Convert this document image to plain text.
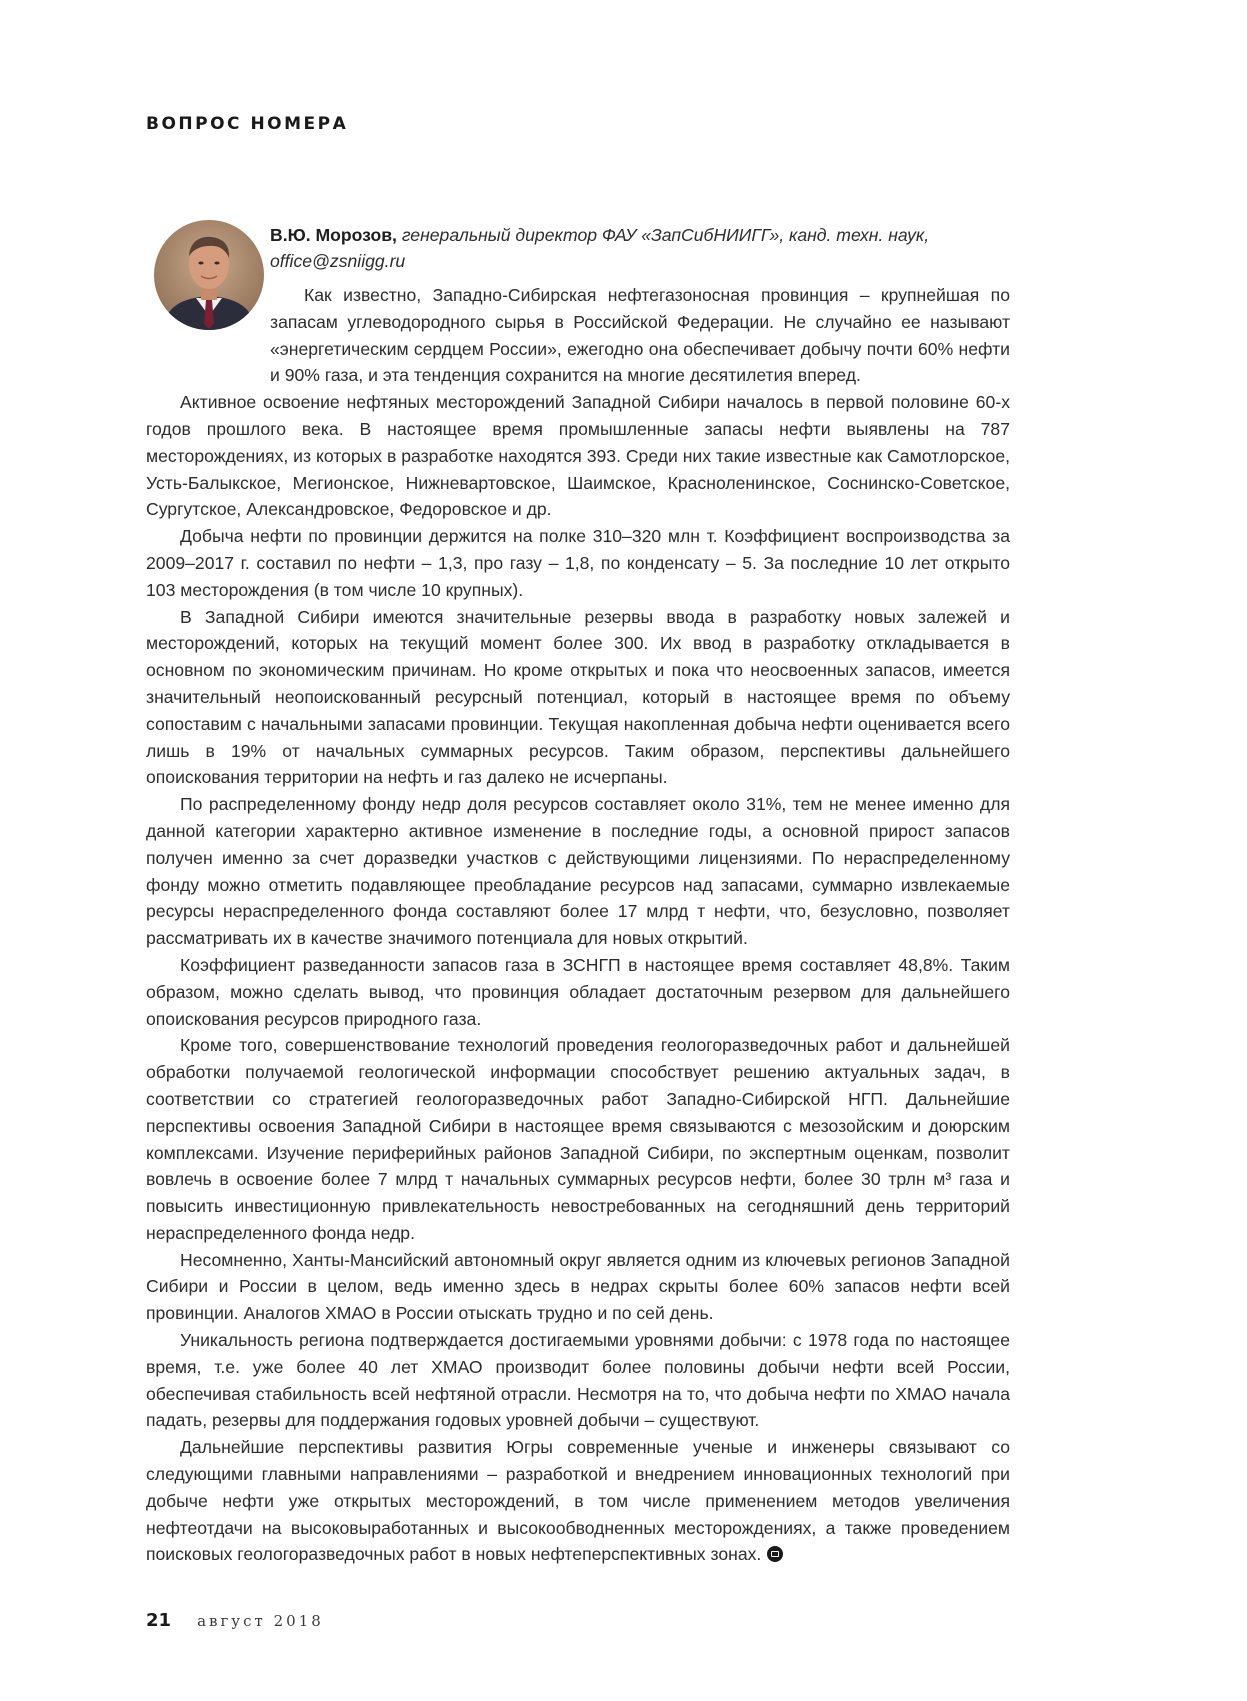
ВОПРОС НОМЕРА

В.Ю. Морозов, генеральный директор ФАУ «ЗапСибНИИГГ», канд. техн. наук, office@zsniigg.ru

Как известно, Западно-Сибирская нефтегазоносная провинция – крупнейшая по запасам углеводородного сырья в Российской Федерации. Не случайно ее называют «энергетическим сердцем России», ежегодно она обеспечивает добычу почти 60% нефти и 90% газа, и эта тенденция сохранится на многие десятилетия вперед.

Активное освоение нефтяных месторождений Западной Сибири началось в первой половине 60-х годов прошлого века. В настоящее время промышленные запасы нефти выявлены на 787 месторождениях, из которых в разработке находятся 393. Среди них такие известные как Самотлорское, Усть-Балыкское, Мегионское, Нижневартовское, Шаимское, Красноленинское, Соснинско-Советское, Сургутское, Александровское, Федоровское и др.

Добыча нефти по провинции держится на полке 310–320 млн т. Коэффициент воспроизводства за 2009–2017 г. составил по нефти – 1,3, про газу – 1,8, по конденсату – 5. За последние 10 лет открыто 103 месторождения (в том числе 10 крупных).

В Западной Сибири имеются значительные резервы ввода в разработку новых залежей и месторождений, которых на текущий момент более 300. Их ввод в разработку откладывается в основном по экономическим причинам. Но кроме открытых и пока что неосвоенных запасов, имеется значительный неопоискованный ресурсный потенциал, который в настоящее время по объему сопоставим с начальными запасами провинции. Текущая накопленная добыча нефти оценивается всего лишь в 19% от начальных суммарных ресурсов. Таким образом, перспективы дальнейшего опоискования территории на нефть и газ далеко не исчерпаны.

По распределенному фонду недр доля ресурсов составляет около 31%, тем не менее именно для данной категории характерно активное изменение в последние годы, а основной прирост запасов получен именно за счет доразведки участков с действующими лицензиями. По нераспределенному фонду можно отметить подавляющее преобладание ресурсов над запасами, суммарно извлекаемые ресурсы нераспределенного фонда составляют более 17 млрд т нефти, что, безусловно, позволяет рассматривать их в качестве значимого потенциала для новых открытий.

Коэффициент разведанности запасов газа в ЗСНГП в настоящее время составляет 48,8%. Таким образом, можно сделать вывод, что провинция обладает достаточным резервом для дальнейшего опоискования ресурсов природного газа.

Кроме того, совершенствование технологий проведения геологоразведочных работ и дальнейшей обработки получаемой геологической информации способствует решению актуальных задач, в соответствии со стратегией геологоразведочных работ Западно-Сибирской НГП. Дальнейшие перспективы освоения Западной Сибири в настоящее время связываются с мезозойским и доюрским комплексами. Изучение периферийных районов Западной Сибири, по экспертным оценкам, позволит вовлечь в освоение более 7 млрд т начальных суммарных ресурсов нефти, более 30 трлн м³ газа и повысить инвестиционную привлекательность невостребованных на сегодняшний день территорий нераспределенного фонда недр.

Несомненно, Ханты-Мансийский автономный округ является одним из ключевых регионов Западной Сибири и России в целом, ведь именно здесь в недрах скрыты более 60% запасов нефти всей провинции. Аналогов ХМАО в России отыскать трудно и по сей день.

Уникальность региона подтверждается достигаемыми уровнями добычи: с 1978 года по настоящее время, т.е. уже более 40 лет ХМАО производит более половины добычи нефти всей России, обеспечивая стабильность всей нефтяной отрасли. Несмотря на то, что добыча нефти по ХМАО начала падать, резервы для поддержания годовых уровней добычи – существуют.

Дальнейшие перспективы развития Югры современные ученые и инженеры связывают со следующими главными направлениями – разработкой и внедрением инновационных технологий при добыче нефти уже открытых месторождений, в том числе применением методов увеличения нефтеотдачи на высоковыработанных и высокообводненных месторождениях, а также проведением поисковых геологоразведочных работ в новых нефтеперспективных зонах.

21 август 2018
